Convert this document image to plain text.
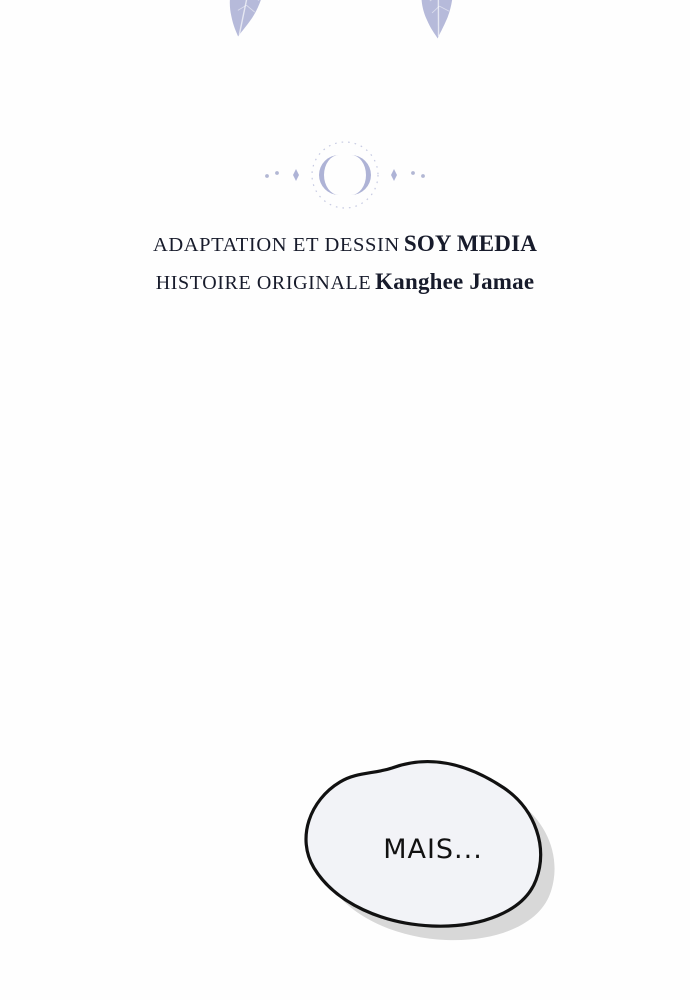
ADAPTATION ET DESSIN SOY MEDIA
HISTOIRE ORIGINALE Kanghee Jamae
MAIS...
